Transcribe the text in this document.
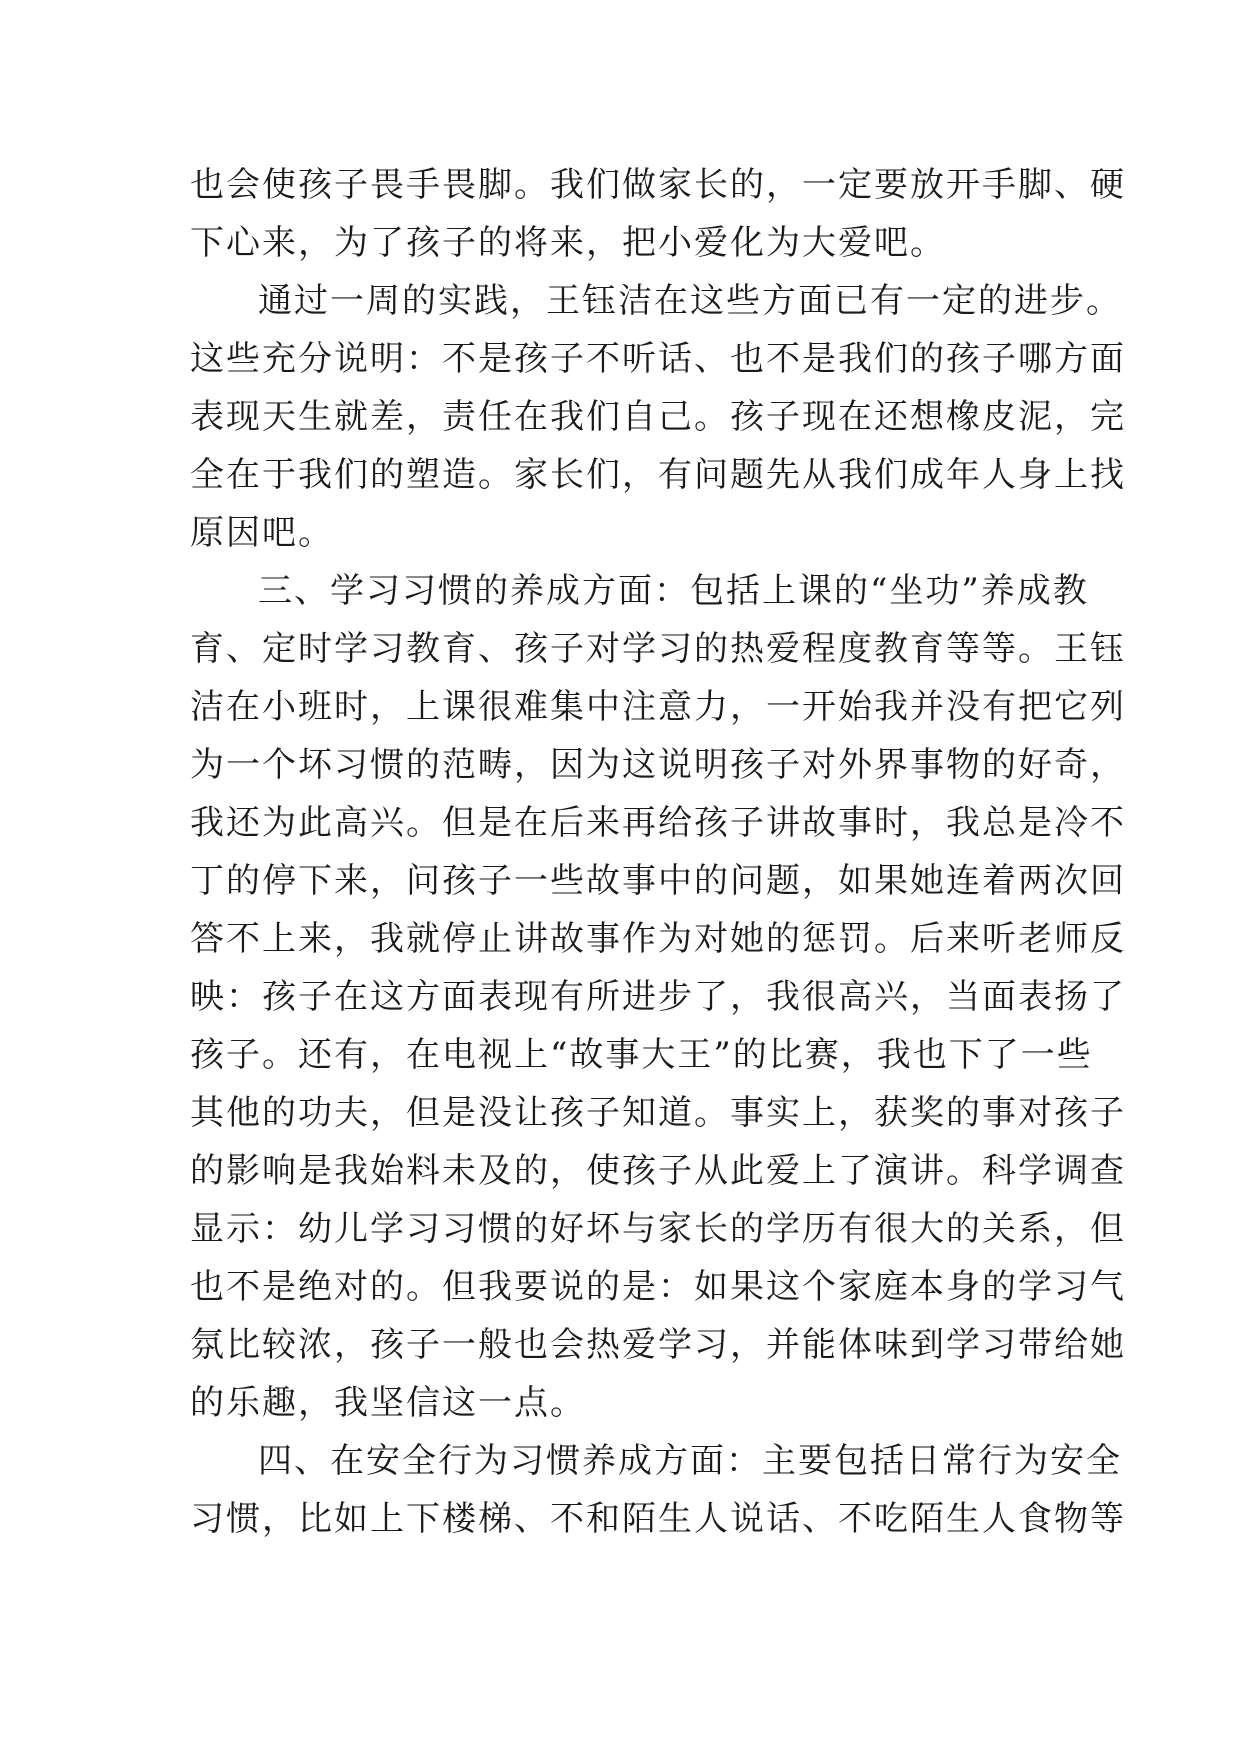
也会使孩子畏手畏脚。我们做家长的，一定要放开手脚、硬
下心来，为了孩子的将来，把小爱化为大爱吧。
通过一周的实践，王钰洁在这些方面已有一定的进步。
这些充分说明：不是孩子不听话、也不是我们的孩子哪方面
表现天生就差，责任在我们自己。孩子现在还想橡皮泥，完
全在于我们的塑造。家长们，有问题先从我们成年人身上找
原因吧。
三、学习习惯的养成方面：包括上课的“坐功”养成教
育、定时学习教育、孩子对学习的热爱程度教育等等。王钰
洁在小班时，上课很难集中注意力，一开始我并没有把它列
为一个坏习惯的范畴，因为这说明孩子对外界事物的好奇，
我还为此高兴。但是在后来再给孩子讲故事时，我总是冷不
丁的停下来，问孩子一些故事中的问题，如果她连着两次回
答不上来，我就停止讲故事作为对她的惩罚。后来听老师反
映：孩子在这方面表现有所进步了，我很高兴，当面表扬了
孩子。还有，在电视上“故事大王”的比赛，我也下了一些
其他的功夫，但是没让孩子知道。事实上，获奖的事对孩子
的影响是我始料未及的，使孩子从此爱上了演讲。科学调查
显示：幼儿学习习惯的好坏与家长的学历有很大的关系，但
也不是绝对的。但我要说的是：如果这个家庭本身的学习气
氛比较浓，孩子一般也会热爱学习，并能体味到学习带给她
的乐趣，我坚信这一点。
四、在安全行为习惯养成方面：主要包括日常行为安全
习惯，比如上下楼梯、不和陌生人说话、不吃陌生人食物等
